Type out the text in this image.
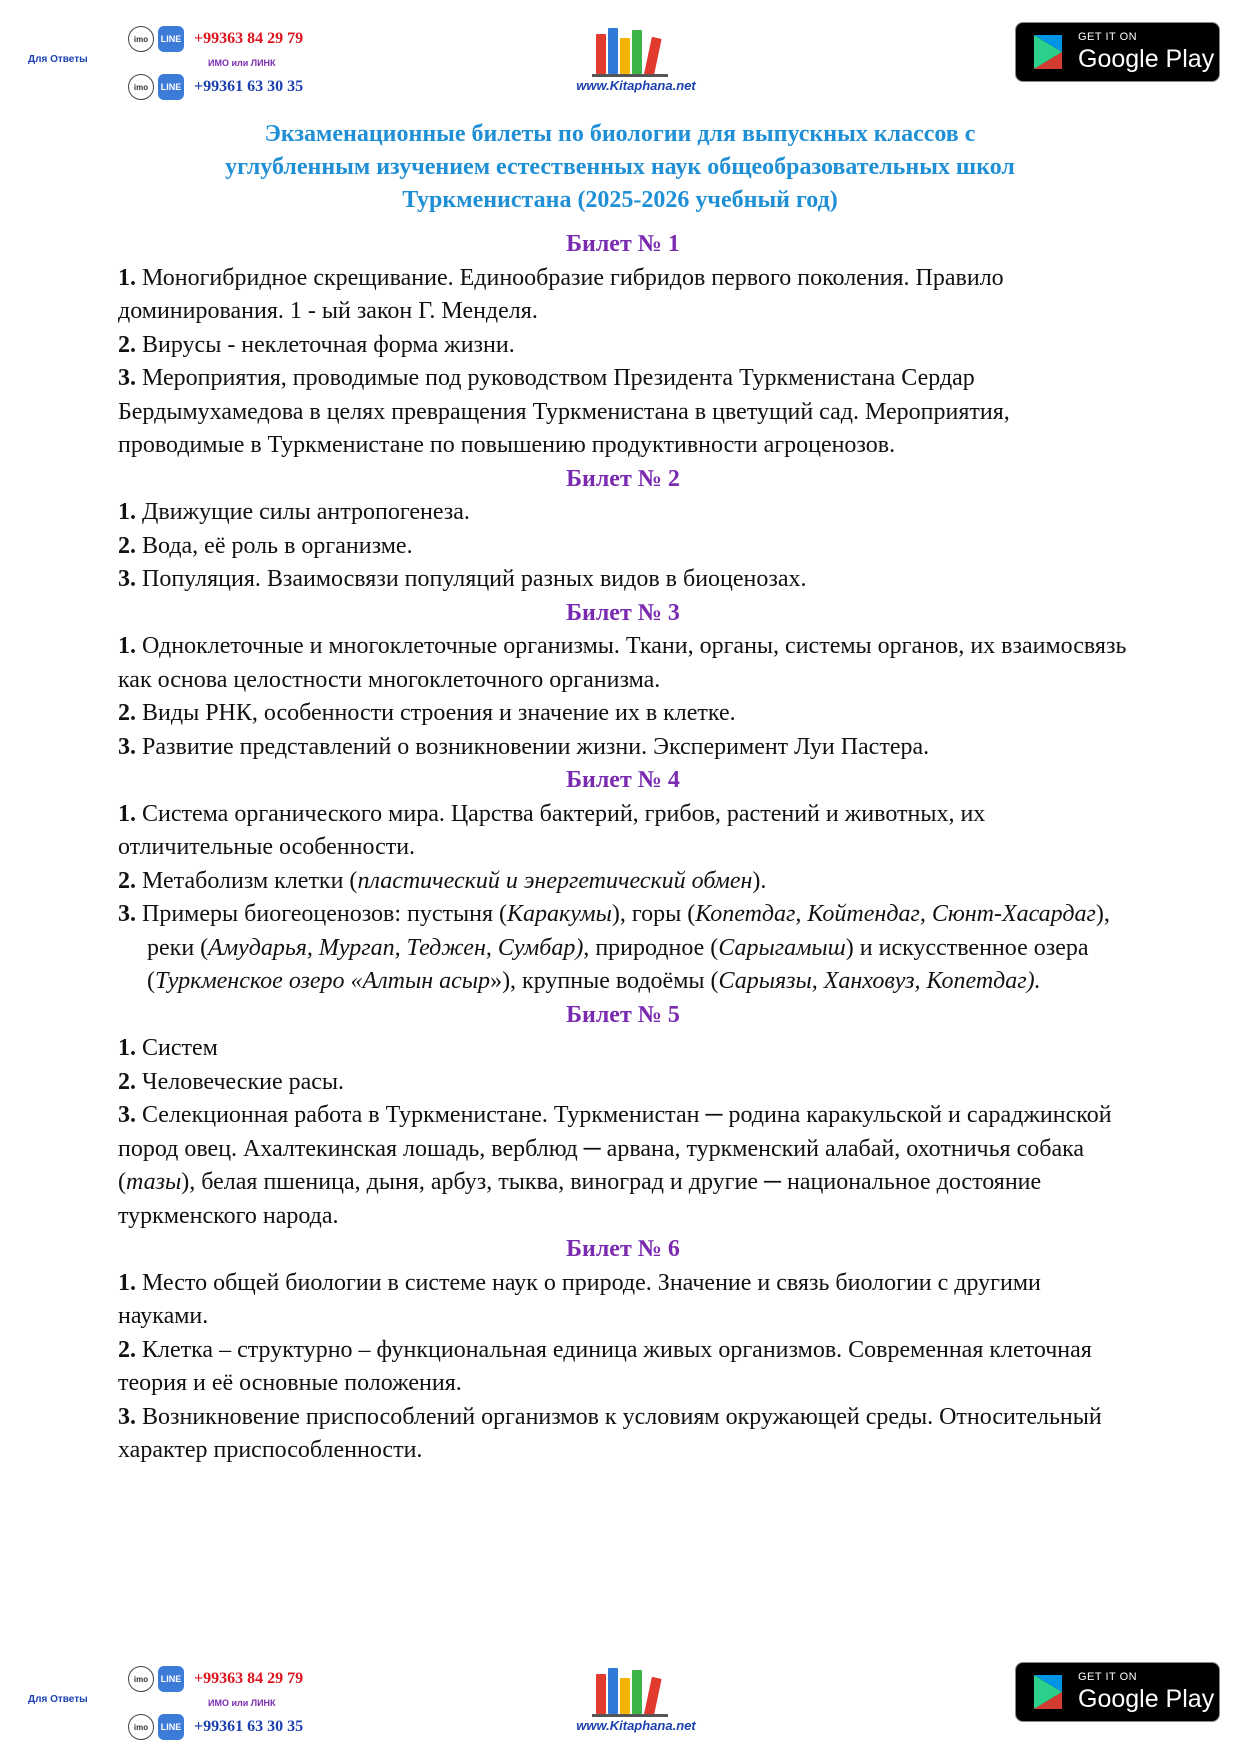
Для Ответы
imo	LINE +99363 84 29 79
ИМО или ЛИНК
imo	LINE +99361 63 30 35	www.Kitaphana.net
GET IT ON
Google Play
Экзаменационные билеты по биологии для выпускных классов с
углубленным изучением естественных наук общеобразовательных школ
Туркменистана (2025-2026 учебный год)
Билет № 1

1. Моногибридное скрещивание. Единообразие гибридов первого поколения. Правило доминирования. 1 - ый закон Г. Менделя.

2. Вирусы - неклеточная форма жизни.

3. Мероприятия, проводимые под руководством Президента Туркменистана Сердар Бердымухамедова в целях превращения Туркменистана в цветущий сад. Мероприятия, проводимые в Туркменистане по повышению продуктивности агроценозов.

Билет № 2

1. Движущие силы антропогенеза.

2. Вода, её роль в организме.

3. Популяция. Взаимосвязи популяций разных видов в биоценозах.

Билет № 3

1. Одноклеточные и многоклеточные организмы. Ткани, органы, системы органов, их взаимосвязь как основа целостности многоклеточного организма.

2. Виды РНК, особенности строения и значение их в клетке.

3. Развитие представлений о возникновении жизни. Эксперимент Луи Пастера.

Билет № 4

1. Система органического мира. Царства бактерий, грибов, растений и животных, их отличительные особенности.

2. Метаболизм клетки (пластический и энергетический обмен).

3. Примеры биогеоценозов: пустыня (Каракумы), горы (Копетдаг, Койтендаг, Сюнт-Хасардаг), реки (Амударья, Мургап, Теджен, Сумбар), природное (Сарыгамыш) и искусственное озера (Туркменское озеро «Алтын асыр»), крупные водоёмы (Сарыязы, Ханховуз, Копетдаг).

Билет № 5

1. Систем

2. Человеческие расы.

3. Селекционная работа в Туркменистане. Туркменистан ─ родина каракульской и сараджинской пород овец. Ахалтекинская лошадь, верблюд ─ арвана, туркменский алабай, охотничья собака (тазы), белая пшеница, дыня, арбуз, тыква, виноград и другие ─ национальное достояние туркменского народа.

Билет № 6

1. Место общей биологии в системе наук о природе. Значение и связь биологии с другими науками.

2. Клетка – структурно – функциональная единица живых организмов. Современная клеточная теория и её основные положения.

3. Возникновение приспособлений организмов к условиям окружающей среды. Относительный характер приспособленности.

Для Ответы
imo	LINE +99363 84 29 79
ИМО или ЛИНК
imo	LINE +99361 63 30 35	www.Kitaphana.net
GET IT ON
Google Play
